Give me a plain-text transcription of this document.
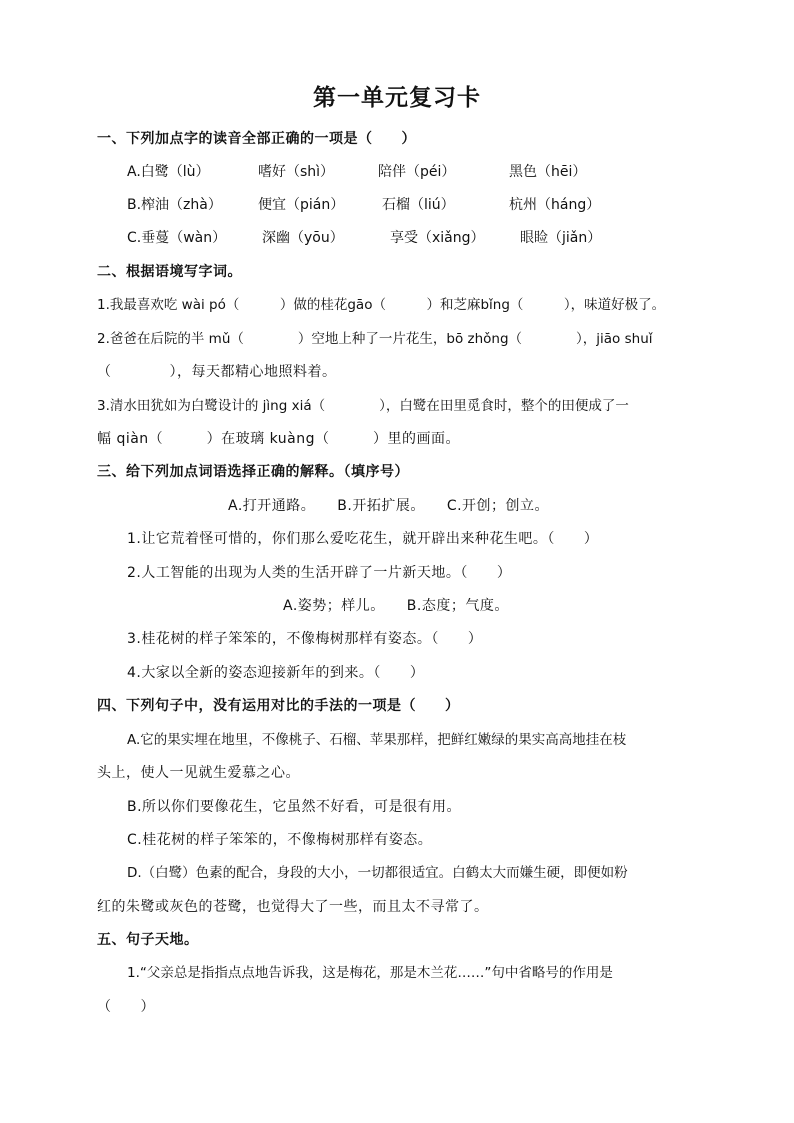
第一单元复习卡
一、下列加点字的读音全部正确的一项是（　　）
A.白鹭（lù）	嗜好（shì）	陪伴（péi）	黑色（hēi）
B.榨油（zhà）	便宜（pián）	石榴（liú）	杭州（háng）
C.垂蔓（wàn）	深幽（yōu）	享受（xiǎng）	眼睑（jiǎn）
二、根据语境写字词。
1.我最喜欢吃 wài pó（　　　）做的桂花gāo（　　　）和芝麻bǐng（　　　），味道好极了。
2.爸爸在后院的半 mǔ（　　　　）空地上种了一片花生，bō zhǒng（　　　　），jiāo shuǐ
（　　　　），每天都精心地照料着。
3.清水田犹如为白鹭设计的 jìng xiá（　　　　），白鹭在田里觅食时，整个的田便成了一
幅 qiàn（　　　）在玻璃 kuàng（　　　）里的画面。
三、给下列加点词语选择正确的解释。（填序号）
A.打开通路。　　B.开拓扩展。　　C.开创；创立。
1.让它荒着怪可惜的，你们那么爱吃花生，就开辟出来种花生吧。（　　）
2.人工智能的出现为人类的生活开辟了一片新天地。（　　）
A.姿势；样儿。　　B.态度；气度。
3.桂花树的样子笨笨的，不像梅树那样有姿态。（　　）
4.大家以全新的姿态迎接新年的到来。（　　）
四、下列句子中，没有运用对比的手法的一项是（　　）
A.它的果实埋在地里，不像桃子、石榴、苹果那样，把鲜红嫩绿的果实高高地挂在枝
头上，使人一见就生爱慕之心。
B.所以你们要像花生，它虽然不好看，可是很有用。
C.桂花树的样子笨笨的，不像梅树那样有姿态。
D.（白鹭）色素的配合，身段的大小，一切都很适宜。白鹤太大而嫌生硬，即便如粉
红的朱鹭或灰色的苍鹭，也觉得大了一些，而且太不寻常了。
五、句子天地。
1.“父亲总是指指点点地告诉我，这是梅花，那是木兰花……”句中省略号的作用是
（　　）
